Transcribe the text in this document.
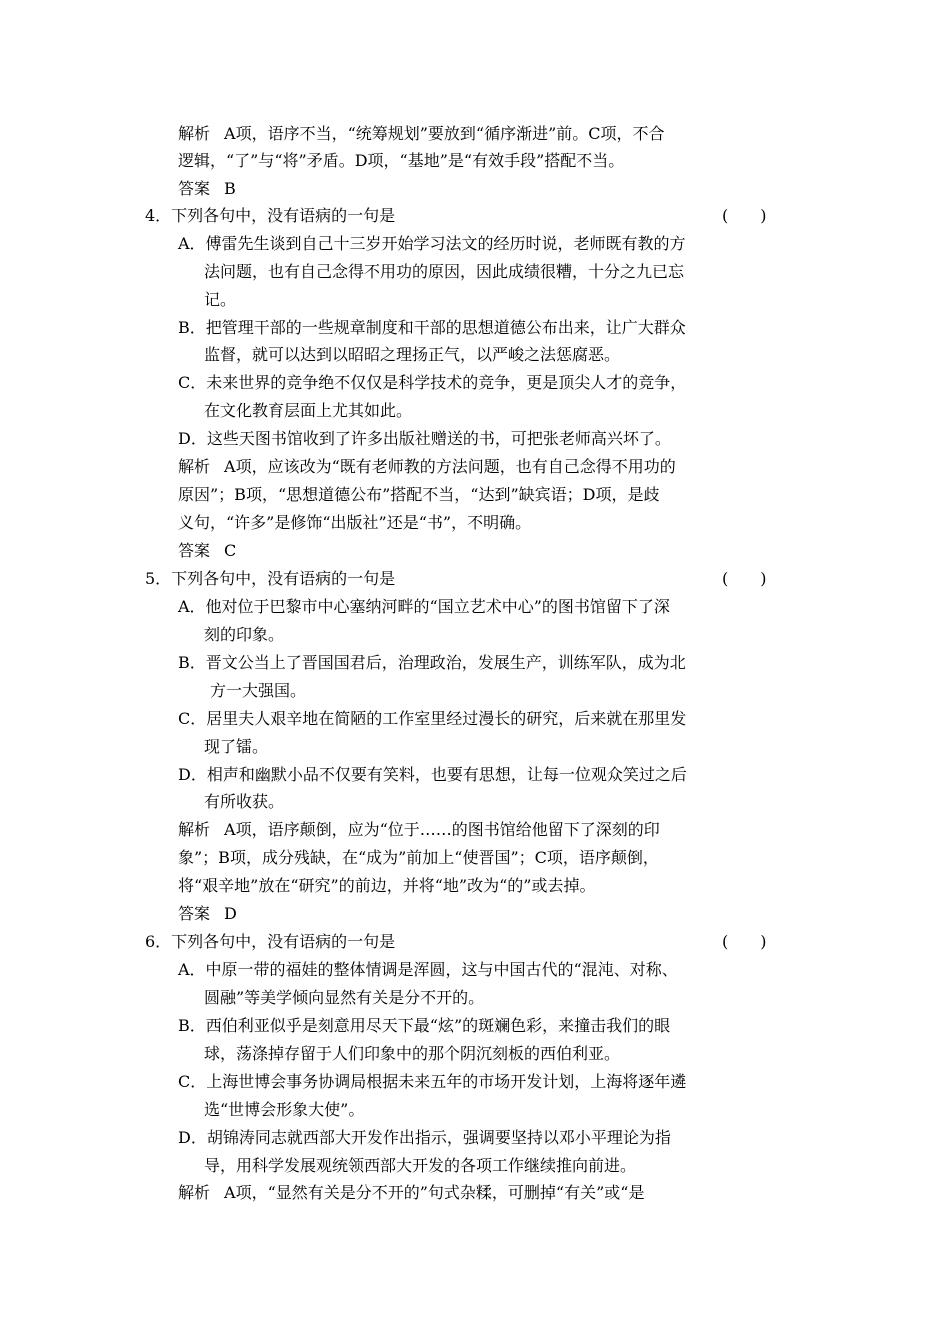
解析 A项，语序不当，“统筹规划”要放到“循序渐进”前。C项，不合
逻辑，“了”与“将”矛盾。D项，“基地”是“有效手段”搭配不当。
答案 B
4．下列各句中，没有语病的一句是	(　　)
A．傅雷先生谈到自己十三岁开始学习法文的经历时说，老师既有教的方
法问题，也有自己念得不用功的原因，因此成绩很糟，十分之九已忘
记。
B．把管理干部的一些规章制度和干部的思想道德公布出来，让广大群众
监督，就可以达到以昭昭之理扬正气，以严峻之法惩腐恶。
C．未来世界的竞争绝不仅仅是科学技术的竞争，更是顶尖人才的竞争，
在文化教育层面上尤其如此。
D．这些天图书馆收到了许多出版社赠送的书，可把张老师高兴坏了。
解析 A项，应该改为“既有老师教的方法问题，也有自己念得不用功的
原因”；B项，“思想道德公布”搭配不当，“达到”缺宾语；D项，是歧
义句，“许多”是修饰“出版社”还是“书”，不明确。
答案 C
5．下列各句中，没有语病的一句是	(　　)
A．他对位于巴黎市中心塞纳河畔的“国立艺术中心”的图书馆留下了深
刻的印象。
B．晋文公当上了晋国国君后，治理政治，发展生产，训练军队，成为北
方一大强国。
C．居里夫人艰辛地在简陋的工作室里经过漫长的研究，后来就在那里发
现了镭。
D．相声和幽默小品不仅要有笑料，也要有思想，让每一位观众笑过之后
有所收获。
解析 A项，语序颠倒，应为“位于……的图书馆给他留下了深刻的印
象”；B项，成分残缺，在“成为”前加上“使晋国”；C项，语序颠倒，
将“艰辛地”放在“研究”的前边，并将“地”改为“的”或去掉。
答案 D
6．下列各句中，没有语病的一句是	(　　)
A．中原一带的福娃的整体情调是浑圆，这与中国古代的“混沌、对称、
圆融”等美学倾向显然有关是分不开的。
B．西伯利亚似乎是刻意用尽天下最“炫”的斑斓色彩，来撞击我们的眼
球，荡涤掉存留于人们印象中的那个阴沉刻板的西伯利亚。
C．上海世博会事务协调局根据未来五年的市场开发计划，上海将逐年遴
选“世博会形象大使”。
D．胡锦涛同志就西部大开发作出指示，强调要坚持以邓小平理论为指
导，用科学发展观统领西部大开发的各项工作继续推向前进。
解析 A项，“显然有关是分不开的”句式杂糅，可删掉“有关”或“是
